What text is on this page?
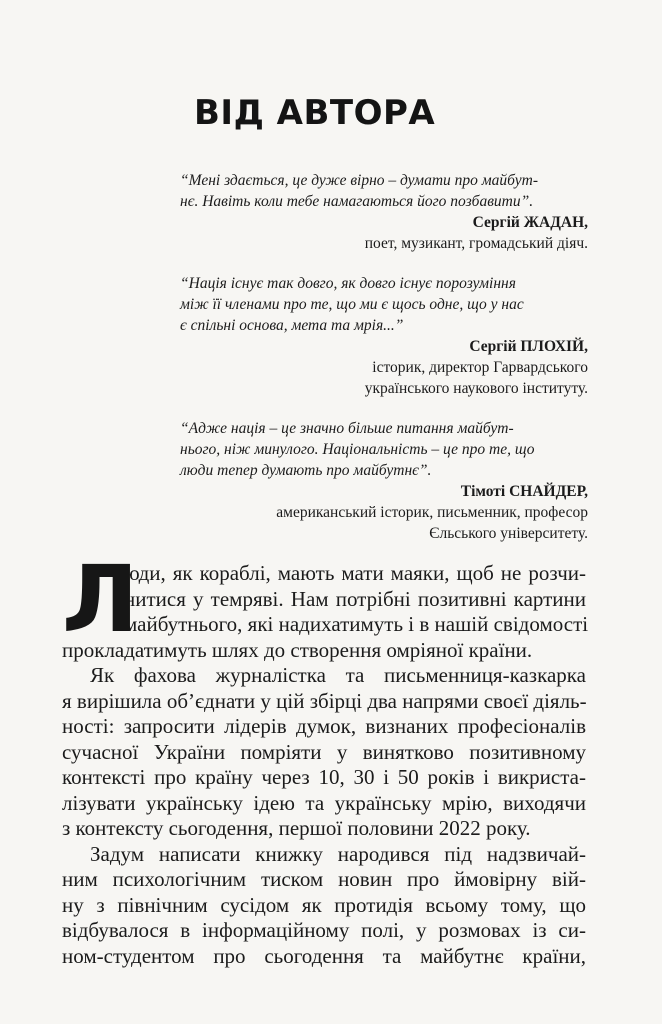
ВІД АВТОРА

“Мені здається, це дуже вірно – думати про майбут-
нє. Навіть коли тебе намагаються його позбавити”.

Сергій ЖАДАН,
поет, музикант, громадський діяч.

“Нація існує так довго, як довго існує порозуміння
між її членами про те, що ми є щось одне, що у нас
є спільні основа, мета та мрія...”

Сергій ПЛОХІЙ,
історик, директор Гарвардського
українського наукового інституту.

“Адже нація – це значно більше питання майбут-
нього, ніж минулого. Національність – це про те, що
люди тепер думають про майбутнє”.

Тімоті СНАЙДЕР,
американський історик, письменник, професор
Єльського університету.

Л

юди, як кораблі, мають мати маяки, щоб не розчи-
нитися у темряві. Нам потрібні позитивні картини
майбутнього, які надихатимуть і в нашій свідомості
прокладатимуть шлях до створення омріяної країни.

Як фахова журналістка та письменниця-казкарка
я вирішила об’єднати у цій збірці два напрями своєї діяль-
ності: запросити лідерів думок, визнаних професіоналів
сучасної України помріяти у винятково позитивному
контексті про країну через 10, 30 і 50 років і викриста-
лізувати українську ідею та українську мрію, виходячи
з контексту сьогодення, першої половини 2022 року.

Задум написати книжку народився під надзвичай-
ним психологічним тиском новин про ймовірну вій-
ну з північним сусідом як протидія всьому тому, що
відбувалося в інформаційному полі, у розмовах із си-
ном-студентом про сьогодення та майбутнє країни,
